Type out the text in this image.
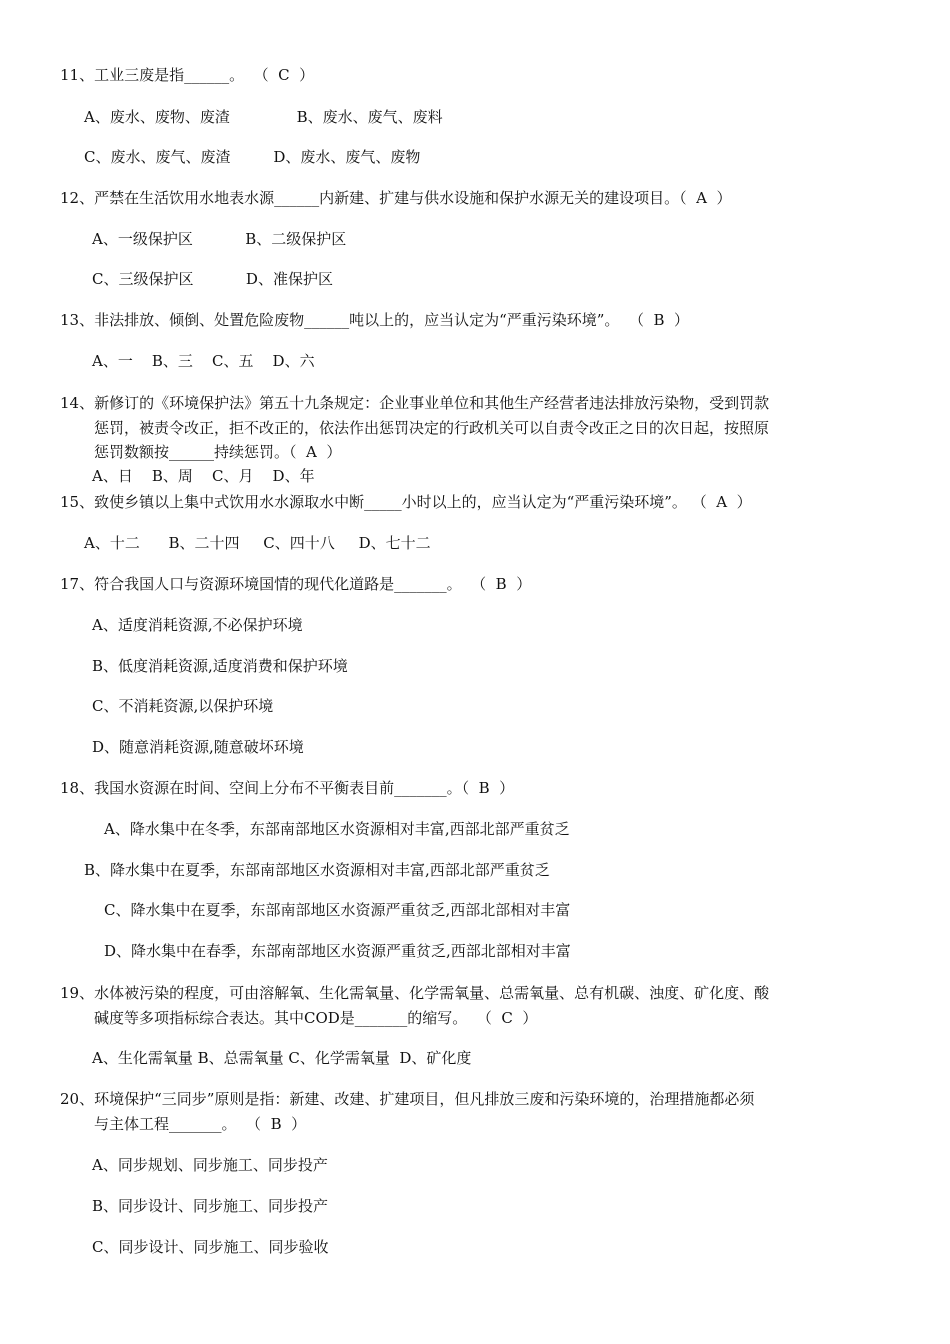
11、工业三废是指______。  （  C  ）
A、废水、废物、废渣              B、废水、废气、废料
C、废水、废气、废渣         D、废水、废气、废物
12、严禁在生活饮用水地表水源______内新建、扩建与供水设施和保护水源无关的建设项目。（  A  ）
A、一级保护区           B、二级保护区
C、三级保护区           D、准保护区
13、非法排放、倾倒、处置危险废物______吨以上的，应当认定为“严重污染环境”。  （  B  ）
A、一    B、三    C、五    D、六
14、新修订的《环境保护法》第五十九条规定：企业事业单位和其他生产经营者违法排放污染物，受到罚款
惩罚，被责令改正，拒不改正的，依法作出惩罚决定的行政机关可以自责令改正之日的次日起，按照原
惩罚数额按______持续惩罚。（  A  ）
A、日    B、周    C、月    D、年
15、致使乡镇以上集中式饮用水水源取水中断_____小时以上的，应当认定为“严重污染环境”。 （  A  ）
A、十二      B、二十四     C、四十八     D、七十二
17、符合我国人口与资源环境国情的现代化道路是_______。  （  B  ）
A、适度消耗资源,不必保护环境
B、低度消耗资源,适度消费和保护环境
C、不消耗资源,以保护环境
D、随意消耗资源,随意破坏环境
18、我国水资源在时间、空间上分布不平衡表目前_______。（  B  ）
A、降水集中在冬季，东部南部地区水资源相对丰富,西部北部严重贫乏
B、降水集中在夏季，东部南部地区水资源相对丰富,西部北部严重贫乏
C、降水集中在夏季，东部南部地区水资源严重贫乏,西部北部相对丰富
D、降水集中在春季，东部南部地区水资源严重贫乏,西部北部相对丰富
19、水体被污染的程度，可由溶解氧、生化需氧量、化学需氧量、总需氧量、总有机碳、浊度、矿化度、酸
碱度等多项指标综合表达。其中COD是_______的缩写。  （  C  ）
A、生化需氧量 B、总需氧量 C、化学需氧量  D、矿化度
20、环境保护“三同步”原则是指：新建、改建、扩建项目，但凡排放三废和污染环境的，治理措施都必须
与主体工程_______。  （  B  ）
A、同步规划、同步施工、同步投产
B、同步设计、同步施工、同步投产
C、同步设计、同步施工、同步验收
